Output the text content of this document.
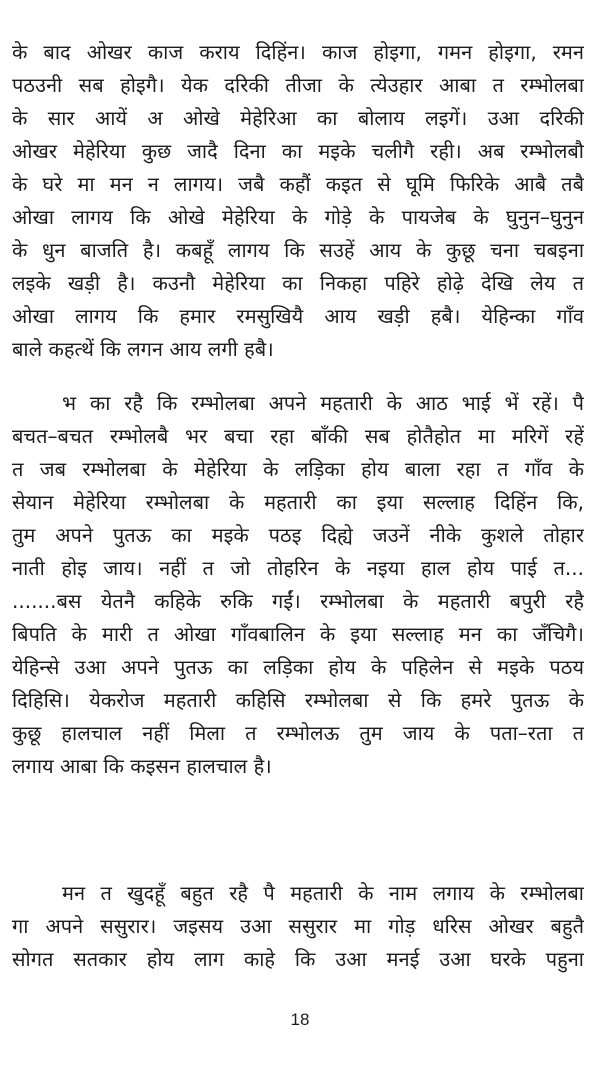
के बाद ओखर काज कराय दिहिंन। काज होइगा, गमन होइगा, रमन
पठउनी सब होइगै। येक दरिकी तीजा के त्येउहार आबा त रम्भोलबा
के सार आयें अ ओखे मेहेरिआ का बोलाय लइगें। उआ दरिकी
ओखर मेहेरिया कुछ जादै दिना का मइके चलीगै रही। अब रम्भोलबौ
के घरे मा मन न लागय। जबै कहौं कइत से घूमि फिरिके आबै तबै
ओखा लागय कि ओखे मेहेरिया के गोड़े के पायजेब के घुनुन–घुनुन
के धुन बाजति है। कबहूँ लागय कि सउहें आय के कुछू चना चबइना
लइके खड़ी है। कउनौ मेहेरिया का निकहा पहिरे होढ़े देखि लेय त
ओखा लागय कि हमार रमसुखियै आय खड़ी हबै। येहिन्का गाँव
बाले कहत्थें कि लगन आय लगी हबै।
भ का रहै कि रम्भोलबा अपने महतारी के आठ भाई भें रहें। पै
बचत–बचत रम्भोलबै भर बचा रहा बाँकी सब होतैहोत मा मरिगें रहें
त जब रम्भोलबा के मेहेरिया के लड़िका होय बाला रहा त गाँव के
सेयान मेहेरिया रम्भोलबा के महतारी का इया सल्लाह दिहिंन कि,
तुम अपने पुतऊ का मइके पठइ दिह्ये जउनें नीके कुशले तोहार
नाती होइ जाय। नहीं त जो तोहरिन के नइया हाल होय पाई त...
.......बस येतनै कहिके रुकि गईं। रम्भोलबा के महतारी बपुरी रहै
बिपति के मारी त ओखा गाँवबालिन के इया सल्लाह मन का जँचिगै।
येहिन्से उआ अपने पुतऊ का लड़िका होय के पहिलेन से मइके पठय
दिहिसि। येकरोज महतारी कहिसि रम्भोलबा से कि हमरे पुतऊ के
कुछू हालचाल नहीं मिला त रम्भोलऊ तुम जाय के पता–रता त
लगाय आबा कि कइसन हालचाल है।
मन त खुदहूँ बहुत रहै पै महतारी के नाम लगाय के रम्भोलबा
गा अपने ससुरार। जइसय उआ ससुरार मा गोड़ धरिस ओखर बहुतै
सोगत सतकार होय लाग काहे कि उआ मनई उआ घरके पहुना
18
